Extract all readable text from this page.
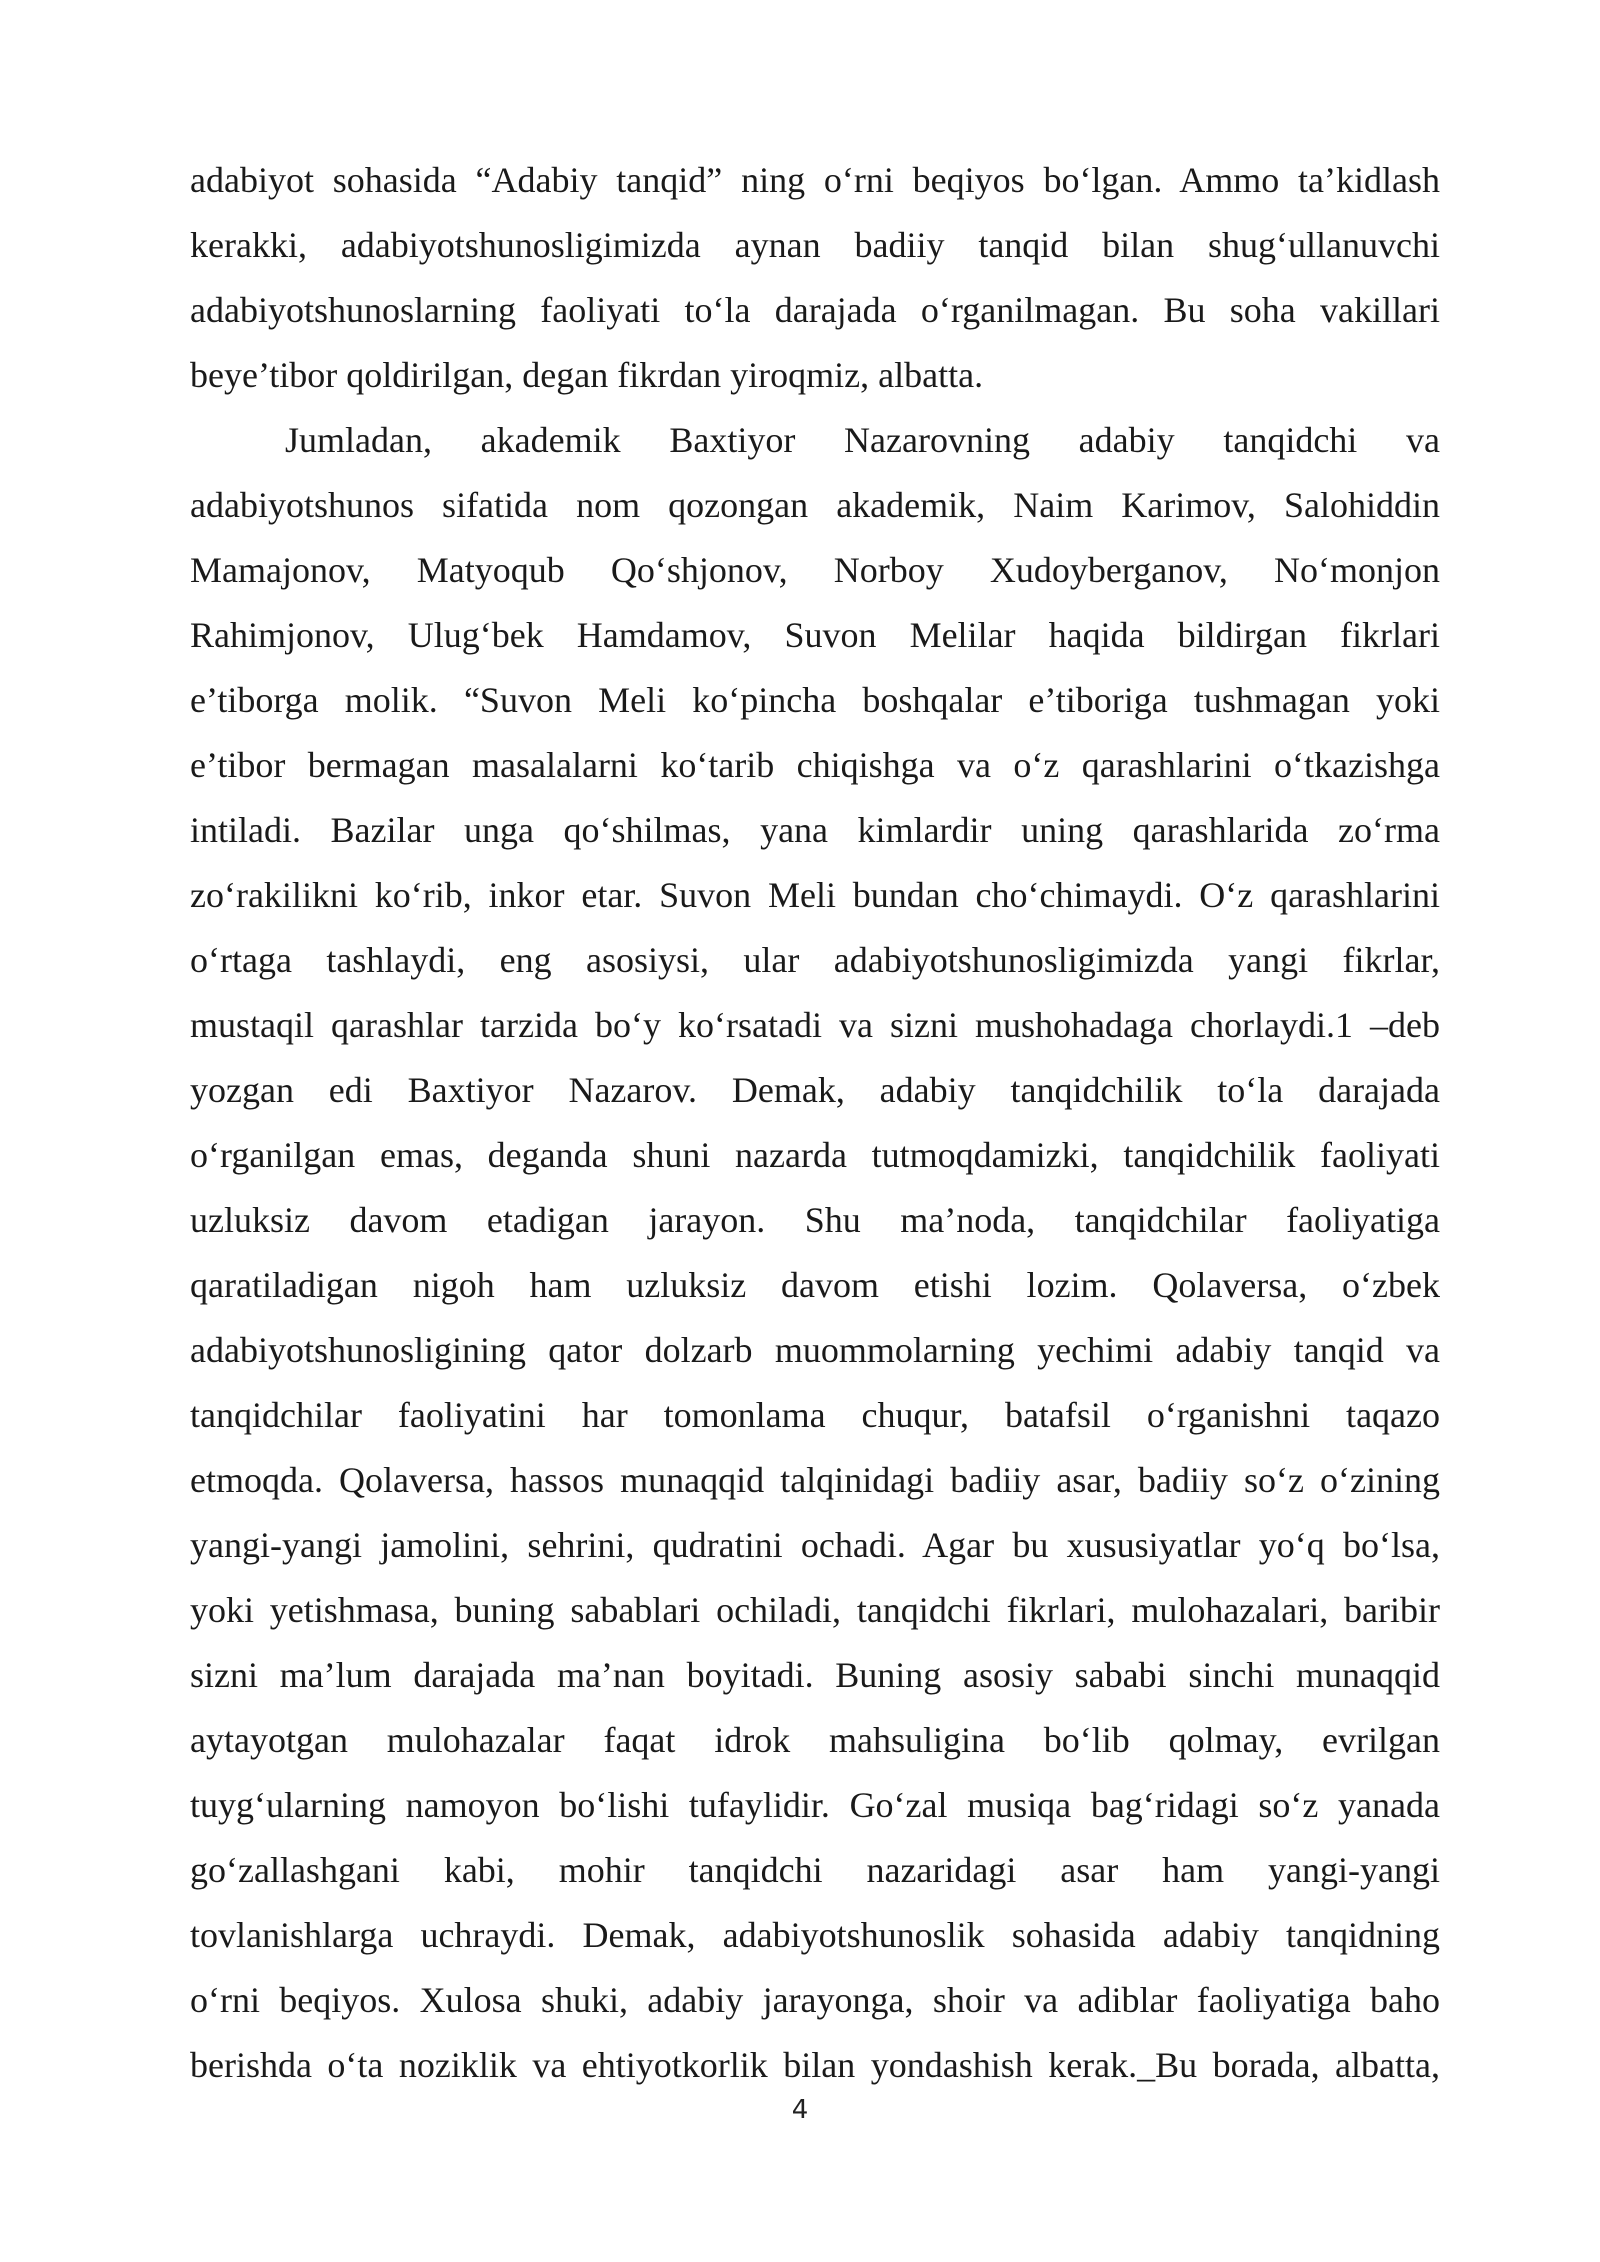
adabiyot sohasida “Adabiy tanqid” ning o‘rni beqiyos bo‘lgan. Ammo ta’kidlash
kerakki, adabiyotshunosligimizda aynan badiiy tanqid bilan shug‘ullanuvchi
adabiyotshunoslarning faoliyati to‘la darajada o‘rganilmagan. Bu soha vakillari
beye’tibor qoldirilgan, degan fikrdan yiroqmiz, albatta.
Jumladan, akademik Baxtiyor Nazarovning adabiy tanqidchi va
adabiyotshunos sifatida nom qozongan akademik, Naim Karimov, Salohiddin
Mamajonov, Matyoqub Qo‘shjonov, Norboy Xudoyberganov, No‘monjon
Rahimjonov, Ulug‘bek Hamdamov, Suvon Melilar haqida bildirgan fikrlari
e’tiborga molik. “Suvon Meli ko‘pincha boshqalar e’tiboriga tushmagan yoki
e’tibor bermagan masalalarni ko‘tarib chiqishga va o‘z qarashlarini o‘tkazishga
intiladi. Bazilar unga qo‘shilmas, yana kimlardir uning qarashlarida zo‘rma
zo‘rakilikni ko‘rib, inkor etar. Suvon Meli bundan cho‘chimaydi. O‘z qarashlarini
o‘rtaga tashlaydi, eng asosiysi, ular adabiyotshunosligimizda yangi fikrlar,
mustaqil qarashlar tarzida bo‘y ko‘rsatadi va sizni mushohadaga chorlaydi.1 –deb
yozgan edi Baxtiyor Nazarov. Demak, adabiy tanqidchilik to‘la darajada
o‘rganilgan emas, deganda shuni nazarda tutmoqdamizki, tanqidchilik faoliyati
uzluksiz davom etadigan jarayon. Shu ma’noda, tanqidchilar faoliyatiga
qaratiladigan nigoh ham uzluksiz davom etishi lozim. Qolaversa, o‘zbek
adabiyotshunosligining qator dolzarb muommolarning yechimi adabiy tanqid va
tanqidchilar faoliyatini har tomonlama chuqur, batafsil o‘rganishni taqazo
etmoqda. Qolaversa, hassos munaqqid talqinidagi badiiy asar, badiiy so‘z o‘zining
yangi-yangi jamolini, sehrini, qudratini ochadi. Agar bu xususiyatlar yo‘q bo‘lsa,
yoki yetishmasa, buning sabablari ochiladi, tanqidchi fikrlari, mulohazalari, baribir
sizni ma’lum darajada ma’nan boyitadi. Buning asosiy sababi sinchi munaqqid
aytayotgan mulohazalar faqat idrok mahsuligina bo‘lib qolmay, evrilgan
tuyg‘ularning namoyon bo‘lishi tufaylidir. Go‘zal musiqa bag‘ridagi so‘z yanada
go‘zallashgani kabi, mohir tanqidchi nazaridagi asar ham yangi-yangi
tovlanishlarga uchraydi. Demak, adabiyotshunoslik sohasida adabiy tanqidning
o‘rni beqiyos. Xulosa shuki, adabiy jarayonga, shoir va adiblar faoliyatiga baho
berishda o‘ta noziklik va ehtiyotkorlik bilan yondashish kerak._Bu borada, albatta,
4
